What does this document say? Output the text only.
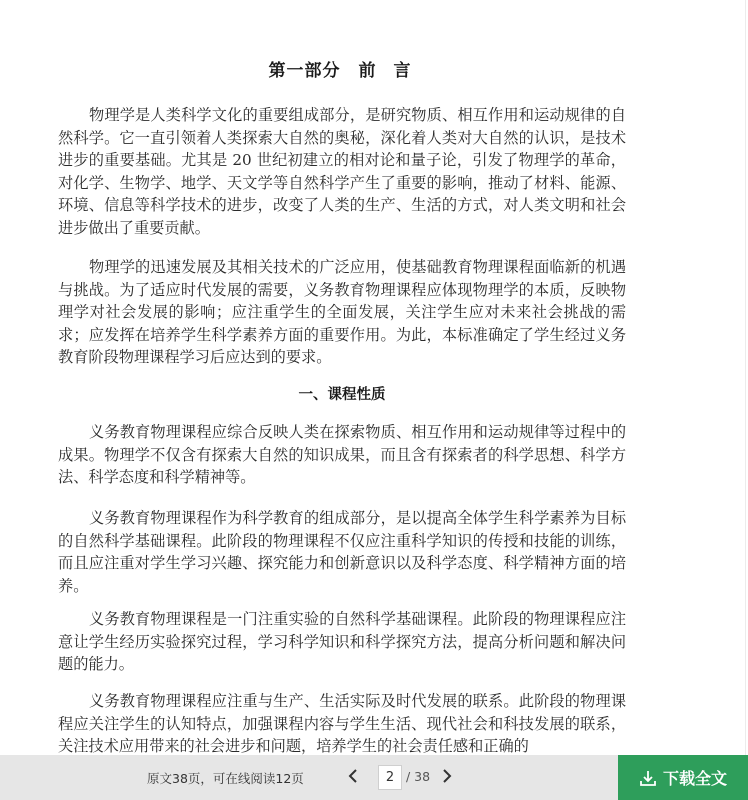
第一部分　前 言

物理学是人类科学文化的重要组成部分，是研究物质、相互作用和运动规律的自然科学。它一直引领着人类探索大自然的奥秘，深化着人类对大自然的认识，是技术进步的重要基础。尤其是 20 世纪初建立的相对论和量子论，引发了物理学的革命，对化学、生物学、地学、天文学等自然科学产生了重要的影响，推动了材料、能源、环境、信息等科学技术的进步，改变了人类的生产、生活的方式，对人类文明和社会进步做出了重要贡献。

物理学的迅速发展及其相关技术的广泛应用，使基础教育物理课程面临新的机遇与挑战。为了适应时代发展的需要，义务教育物理课程应体现物理学的本质，反映物理学对社会发展的影响；应注重学生的全面发展，关注学生应对未来社会挑战的需求；应发挥在培养学生科学素养方面的重要作用。为此，本标准确定了学生经过义务教育阶段物理课程学习后应达到的要求。

一、课程性质

义务教育物理课程应综合反映人类在探索物质、相互作用和运动规律等过程中的成果。物理学不仅含有探索大自然的知识成果，而且含有探索者的科学思想、科学方法、科学态度和科学精神等。

义务教育物理课程作为科学教育的组成部分，是以提高全体学生科学素养为目标的自然科学基础课程。此阶段的物理课程不仅应注重科学知识的传授和技能的训练，而且应注重对学生学习兴趣、探究能力和创新意识以及科学态度、科学精神方面的培养。

义务教育物理课程是一门注重实验的自然科学基础课程。此阶段的物理课程应注意让学生经历实验探究过程，学习科学知识和科学探究方法，提高分析问题和解决问题的能力。

义务教育物理课程应注重与生产、生活实际及时代发展的联系。此阶段的物理课程应关注学生的认知特点，加强课程内容与学生生活、现代社会和科技发展的联系，关注技术应用带来的社会进步和问题，培养学生的社会责任感和正确的

原文38页，可在线阅读12页
2	/ 38	下载全文
